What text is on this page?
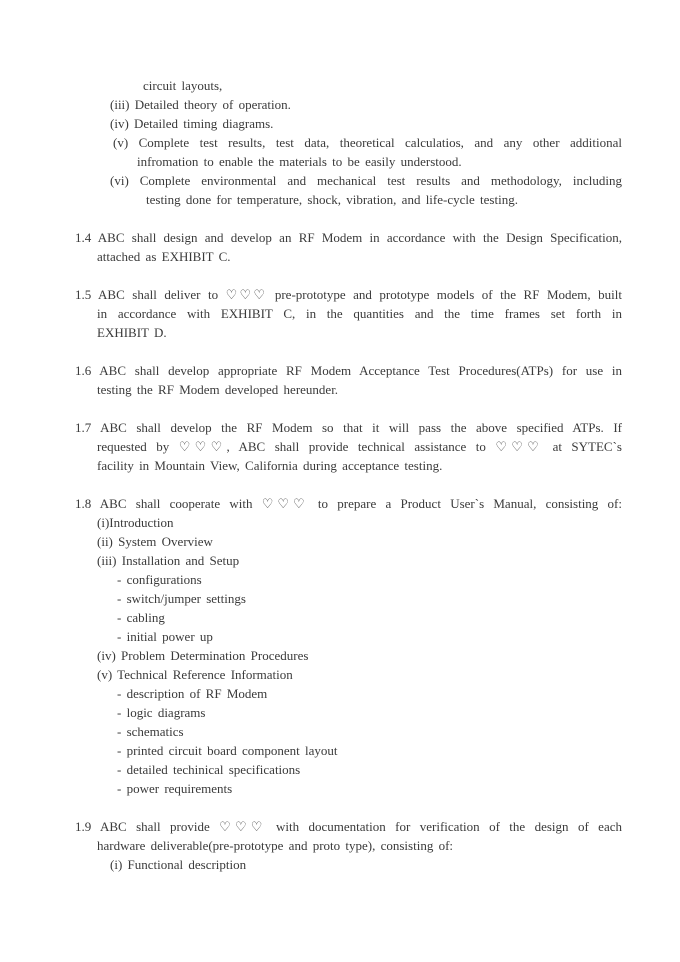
circuit layouts,
(iii) Detailed theory of operation.
(iv) Detailed timing diagrams.
(v) Complete test results, test data, theoretical calculatios, and any other additional
infromation to enable the materials to be easily understood.
(vi) Complete environmental and mechanical test results and methodology, including
testing done for temperature, shock, vibration, and life-cycle testing.
1.4 ABC shall design and develop an RF Modem in accordance with the Design Specification,
attached as EXHIBIT C.
1.5 ABC shall deliver to ♡♡♡ pre-prototype and prototype models of the RF Modem, built
in accordance with EXHIBIT C, in the quantities and the time frames set forth in
EXHIBIT D.
1.6 ABC shall develop appropriate RF Modem Acceptance Test Procedures(ATPs) for use in
testing the RF Modem developed hereunder.
1.7 ABC shall develop the RF Modem so that it will pass the above specified ATPs. If
requested by ♡♡♡, ABC shall provide technical assistance to ♡♡♡ at SYTEC`s
facility in Mountain View, California during acceptance testing.
1.8 ABC shall cooperate with ♡♡♡ to prepare a Product User`s Manual, consisting of:
(i)Introduction
(ii) System Overview
(iii) Installation and Setup
- configurations
- switch/jumper settings
- cabling
- initial power up
(iv) Problem Determination Procedures
(v) Technical Reference Information
- description of RF Modem
- logic diagrams
- schematics
- printed circuit board component layout
- detailed techinical specifications
- power requirements
1.9 ABC shall provide ♡♡♡ with documentation for verification of the design of each
hardware deliverable(pre-prototype and proto type), consisting of:
(i) Functional description
